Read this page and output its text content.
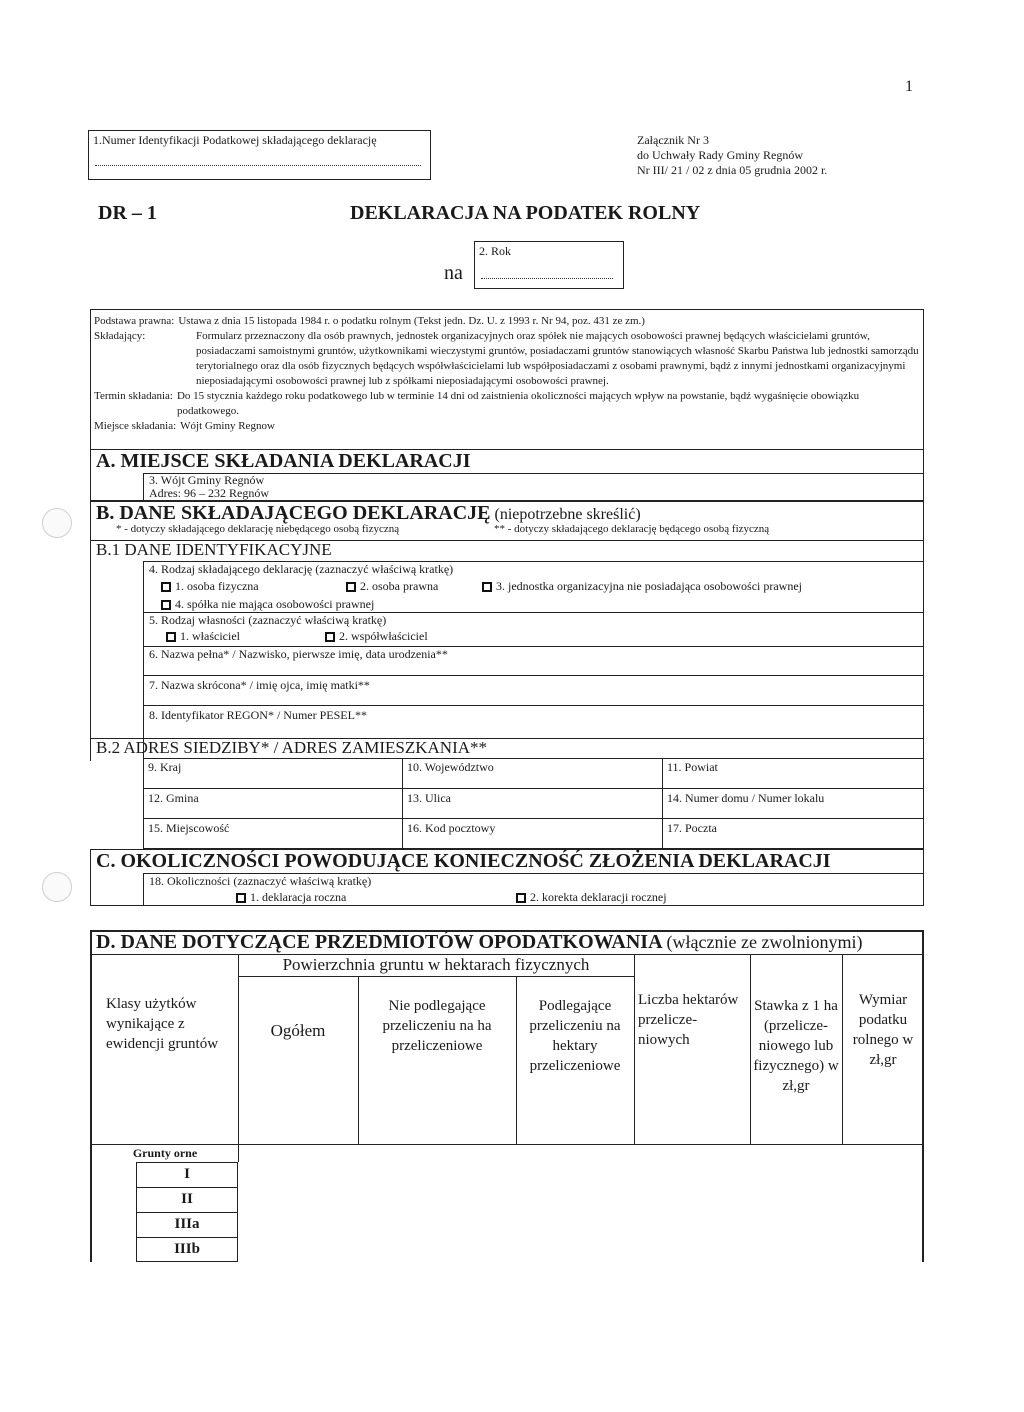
1
1.Numer Identyfikacji Podatkowej składającego deklarację	Załącznik Nr 3
do Uchwały Rady Gminy Regnów
Nr III/ 21 / 02 z dnia 05 grudnia 2002 r.
DR – 1	DEKLARACJA NA PODATEK ROLNY
na
2. Rok
Podstawa prawna: Ustawa z dnia 15 listopada 1984 r. o podatku rolnym (Tekst jedn. Dz. U. z 1993 r. Nr 94, poz. 431 ze zm.)
Składający:	Formularz przeznaczony dla osób prawnych, jednostek organizacyjnych oraz spółek nie mających osobowości prawnej będących właścicielami gruntów, posiadaczami samoistnymi gruntów, użytkownikami wieczystymi gruntów, posiadaczami gruntów stanowiących własność Skarbu Państwa lub jednostki samorządu terytorialnego oraz dla osób fizycznych będących współwłaścicielami lub współposiadaczami z osobami prawnymi, bądź z innymi jednostkami organizacyjnymi nieposiadającymi osobowości prawnej lub z spółkami nieposiadającymi osobowości prawnej.
Termin składania: Do 15 stycznia każdego roku podatkowego lub w terminie 14 dni od zaistnienia okoliczności mających wpływ na powstanie, bądź wygaśnięcie obowiązku podatkowego.
Miejsce składania: Wójt Gminy Regnow
A. MIEJSCE SKŁADANIA DEKLARACJI
3. Wójt Gminy Regnów
Adres: 96 – 232 Regnów
B. DANE SKŁADAJĄCEGO DEKLARACJĘ (niepotrzebne skreślić)
* - dotyczy składającego deklarację niebędącego osobą fizyczną	** - dotyczy składającego deklarację będącego osobą fizyczną
B.1 DANE IDENTYFIKACYJNE
4. Rodzaj składającego deklarację (zaznaczyć właściwą kratkę)
1. osoba fizyczna	2. osoba prawna	3. jednostka organizacyjna nie posiadająca osobowości prawnej
4. spółka nie mająca osobowości prawnej
5. Rodzaj własności (zaznaczyć właściwą kratkę)
1. właściciel	2. współwłaściciel
6. Nazwa pełna* / Nazwisko, pierwsze imię, data urodzenia**
7. Nazwa skrócona* / imię ojca, imię matki**
8. Identyfikator REGON* / Numer PESEL**
B.2 ADRES SIEDZIBY* / ADRES ZAMIESZKANIA**
9. Kraj	10. Województwo	11. Powiat
12. Gmina	13. Ulica	14. Numer domu / Numer lokalu
15. Miejscowość	16. Kod pocztowy	17. Poczta
C. OKOLICZNOŚCI POWODUJĄCE KONIECZNOŚĆ ZŁOŻENIA DEKLARACJI
18. Okoliczności (zaznaczyć właściwą kratkę)
1. deklaracja roczna	2. korekta deklaracji rocznej
D. DANE DOTYCZĄCE PRZEDMIOTÓW OPODATKOWANIA (włącznie ze zwolnionymi)
Powierzchnia gruntu w hektarach fizycznych
Klasy użytków wynikające z ewidencji gruntów
Ogółem
Nie podlegające przeliczeniu na ha przeliczeniowe
Podlegające przeliczeniu na hektary przeliczeniowe
Liczba hektarów przelicze-niowych
Stawka z 1 ha (przelicze-niowego lub fizycznego) w zł,gr
Wymiar podatku rolnego w zł,gr
Grunty orne
I
II
IIIa
IIIb
